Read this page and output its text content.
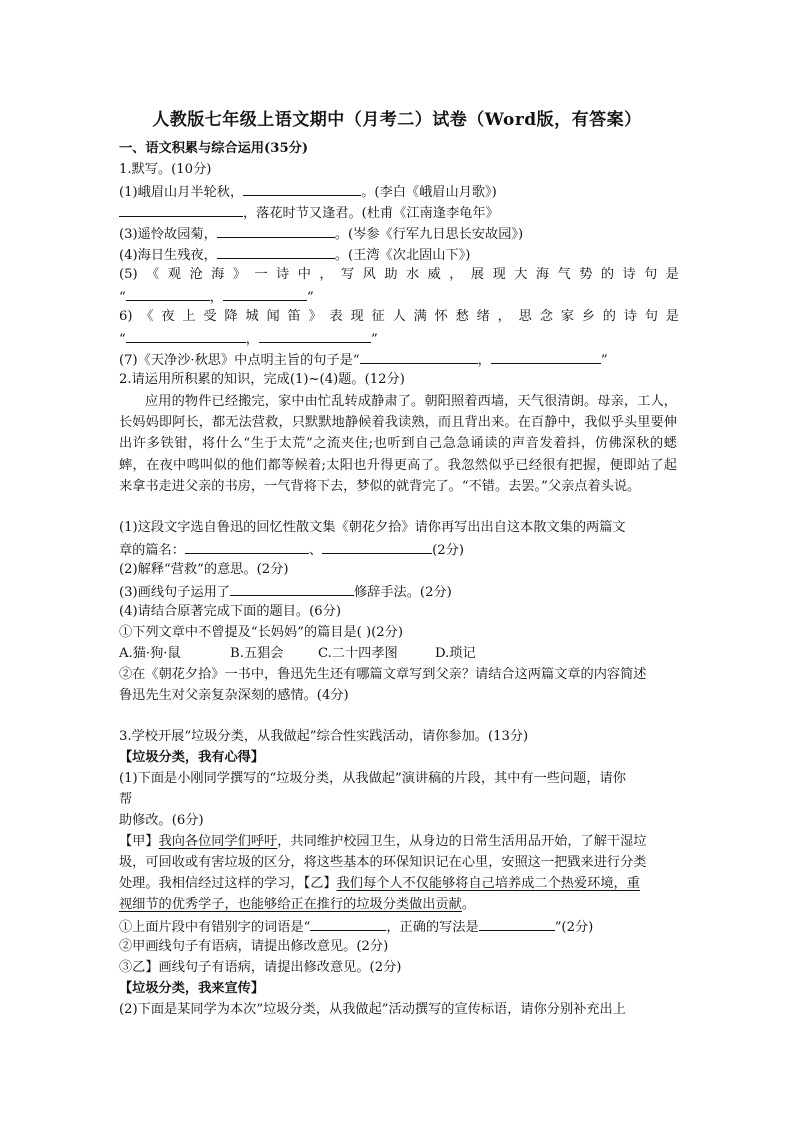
人教版七年级上语文期中（月考二）试卷（Word版，有答案）
一、语文积累与综合运用(35分)
1.默写。(10分)
(1)峨眉山月半轮秋，	。(李白《峨眉山月歌》)
，落花时节又逢君。(杜甫《江南逢李龟年》
(3)遥怜故园菊，	。(岑参《行军九日思长安故园》)
(4)海日生残夜，	。(王湾《次北固山下》)
(5)《观沧海》一诗中，写风助水威，展现大海气势的诗句是
“	，	”
6)《夜上受降城闻笛》表现征人满怀愁绪，思念家乡的诗句是
“	，	”
(7)《天净沙·秋思》中点明主旨的句子是“	，	”
2.请运用所积累的知识，完成(1)~(4)题。(12分)
应用的物件已经搬完，家中由忙乱转成静肃了。朝阳照着西墙，天气很清朗。母亲，工人，长妈妈即阿长，都无法营救，只默默地静候着我读熟，而且背出来。在百静中，我似乎头里要伸出许多铁钳，将什么“生于太荒”之流夹住;也听到自己急急诵读的声音发着抖，仿佛深秋的蟋蟀，在夜中鸣叫似的他们都等候着;太阳也升得更高了。我忽然似乎已经很有把握，便即站了起来拿书走进父亲的书房，一气背将下去，梦似的就背完了。“不错。去罢。”父亲点着头说。
(1)这段文字选自鲁迅的回忆性散文集《朝花夕拾》请你再写出出自这本散文集的两篇文
章的篇名：	、	(2分)
(2)解释“营救”的意思。(2分)
(3)画线句子运用了	修辞手法。(2分)
(4)请结合原著完成下面的题目。(6分)
①下列文章中不曾提及“长妈妈”的篇目是( )(2分)
A.猫·狗·鼠	B.五猖会	C.二十四孝图	D.琐记
②在《朝花夕拾》一书中，鲁迅先生还有哪篇文章写到父亲？请结合这两篇文章的内容简述
鲁迅先生对父亲复杂深刻的感情。(4分)
3.学校开展“垃圾分类，从我做起”综合性实践活动，请你参加。(13分)
【垃圾分类，我有心得】
(1)下面是小刚同学撰写的“垃圾分类，从我做起”演讲稿的片段，其中有一些问题，请你
帮
助修改。(6分)
【甲】我向各位同学们呼吁，共同维护校园卫生，从身边的日常生活用品开始，了解干湿垃
圾，可回收或有害垃圾的区分，将这些基本的环保知识记在心里，安照这一把戥来进行分类
处理。我相信经过这样的学习，【乙】我们每个人不仅能够将自己培养成二个热爱环境，重
视细节的优秀学子，也能够给正在推行的垃圾分类做出贡献。
①上面片段中有错别字的词语是“	，正确的写法是	”(2分)
②甲画线句子有语病，请提出修改意见。(2分)
③乙】画线句子有语病，请提出修改意见。(2分)
【垃圾分类，我来宣传】
(2)下面是某同学为本次”垃圾分类，从我做起”活动撰写的宣传标语，请你分别补充出上
